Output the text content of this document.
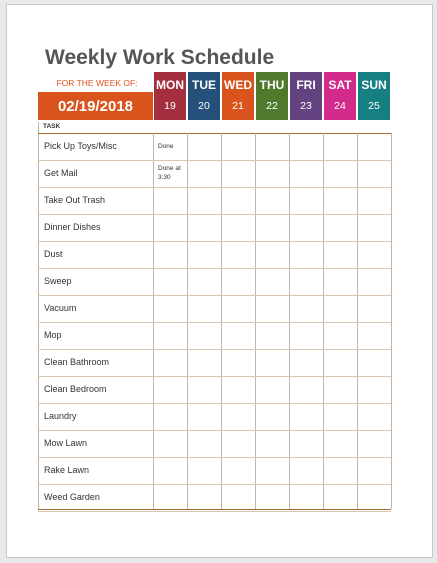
Weekly Work Schedule
FOR THE WEEK OF:
02/19/2018
MON
19
TUE
20
WED
21
THU
22
FRI
23
SAT
24
SUN
25
TASK
Pick Up Toys/Misc	Done
Get Mail	Done at 3:30
Take Out Trash
Dinner Dishes
Dust
Sweep
Vacuum
Mop
Clean Bathroom
Clean Bedroom
Laundry
Mow Lawn
Rake Lawn
Weed Garden
